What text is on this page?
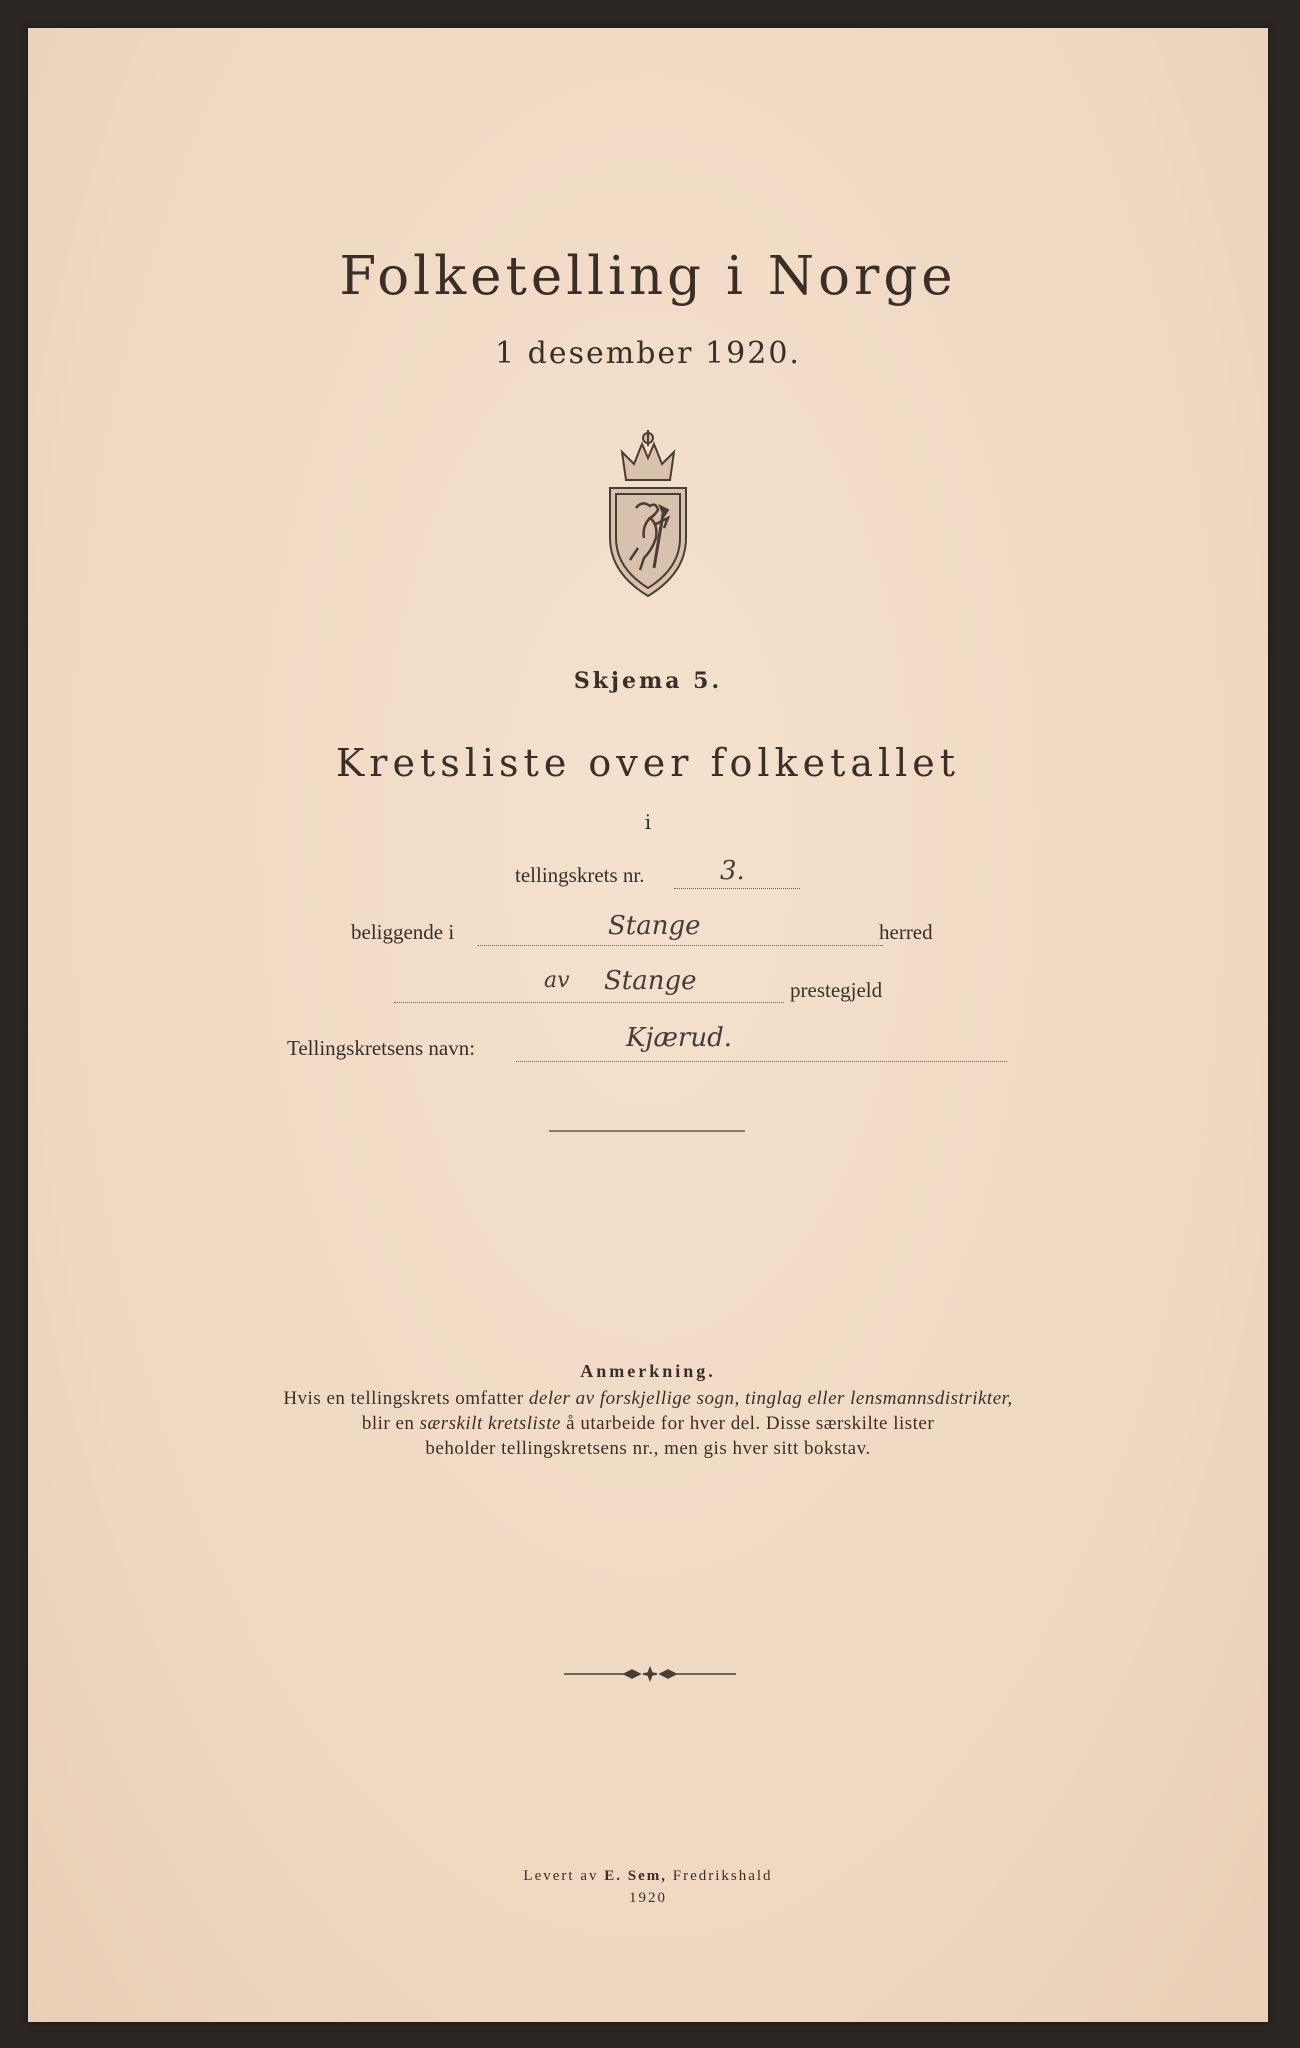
Folketelling i Norge
1 desember 1920.
Skjema 5.
Kretsliste over folketallet
i
tellingskrets nr.	3.
beliggende i	Stange	herred
av Stange	prestegjeld
Tellingskretsens navn:	Kjærud.
Anmerkning.
Hvis en tellingskrets omfatter deler av forskjellige sogn, tinglag eller lensmannsdistrikter,
blir en særskilt kretsliste å utarbeide for hver del. Disse særskilte lister
beholder tellingskretsens nr., men gis hver sitt bokstav.
Levert av E. Sem, Fredrikshald
1920
